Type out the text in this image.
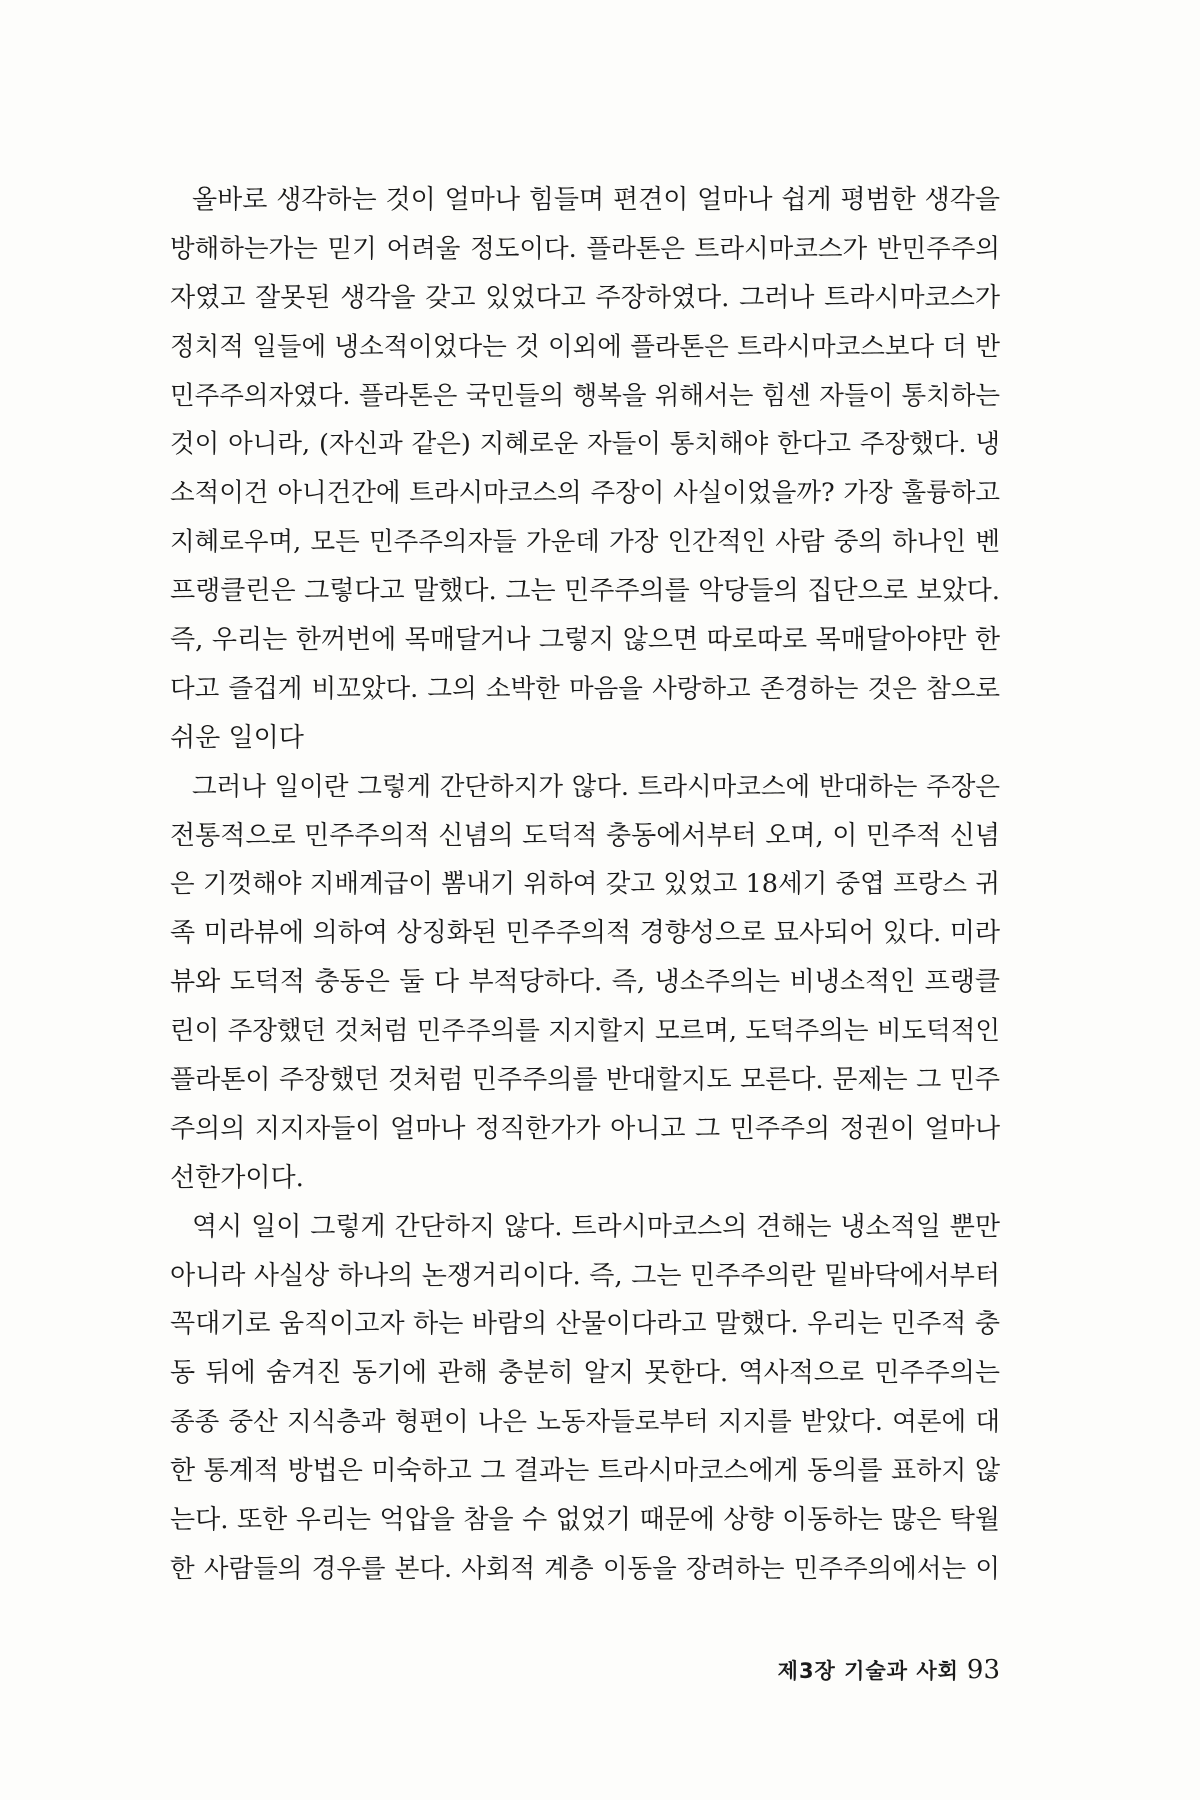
올바로 생각하는 것이 얼마나 힘들며 편견이 얼마나 쉽게 평범한 생각을
방해하는가는 믿기 어려울 정도이다. 플라톤은 트라시마코스가 반민주주의
자였고 잘못된 생각을 갖고 있었다고 주장하였다. 그러나 트라시마코스가
정치적 일들에 냉소적이었다는 것 이외에 플라톤은 트라시마코스보다 더 반
민주주의자였다. 플라톤은 국민들의 행복을 위해서는 힘센 자들이 통치하는
것이 아니라, (자신과 같은) 지혜로운 자들이 통치해야 한다고 주장했다. 냉
소적이건 아니건간에 트라시마코스의 주장이 사실이었을까? 가장 훌륭하고
지혜로우며, 모든 민주주의자들 가운데 가장 인간적인 사람 중의 하나인 벤
프랭클린은 그렇다고 말했다. 그는 민주주의를 악당들의 집단으로 보았다.
즉, 우리는 한꺼번에 목매달거나 그렇지 않으면 따로따로 목매달아야만 한
다고 즐겁게 비꼬았다. 그의 소박한 마음을 사랑하고 존경하는 것은 참으로
쉬운 일이다
그러나 일이란 그렇게 간단하지가 않다. 트라시마코스에 반대하는 주장은
전통적으로 민주주의적 신념의 도덕적 충동에서부터 오며, 이 민주적 신념
은 기껏해야 지배계급이 뽐내기 위하여 갖고 있었고 18세기 중엽 프랑스 귀
족 미라뷰에 의하여 상징화된 민주주의적 경향성으로 묘사되어 있다. 미라
뷰와 도덕적 충동은 둘 다 부적당하다. 즉, 냉소주의는 비냉소적인 프랭클
린이 주장했던 것처럼 민주주의를 지지할지 모르며, 도덕주의는 비도덕적인
플라톤이 주장했던 것처럼 민주주의를 반대할지도 모른다. 문제는 그 민주
주의의 지지자들이 얼마나 정직한가가 아니고 그 민주주의 정권이 얼마나
선한가이다.
역시 일이 그렇게 간단하지 않다. 트라시마코스의 견해는 냉소적일 뿐만
아니라 사실상 하나의 논쟁거리이다. 즉, 그는 민주주의란 밑바닥에서부터
꼭대기로 움직이고자 하는 바람의 산물이다라고 말했다. 우리는 민주적 충
동 뒤에 숨겨진 동기에 관해 충분히 알지 못한다. 역사적으로 민주주의는
종종 중산 지식층과 형편이 나은 노동자들로부터 지지를 받았다. 여론에 대
한 통계적 방법은 미숙하고 그 결과는 트라시마코스에게 동의를 표하지 않
는다. 또한 우리는 억압을 참을 수 없었기 때문에 상향 이동하는 많은 탁월
한 사람들의 경우를 본다. 사회적 계층 이동을 장려하는 민주주의에서는 이
제3장 기술과 사회 93
